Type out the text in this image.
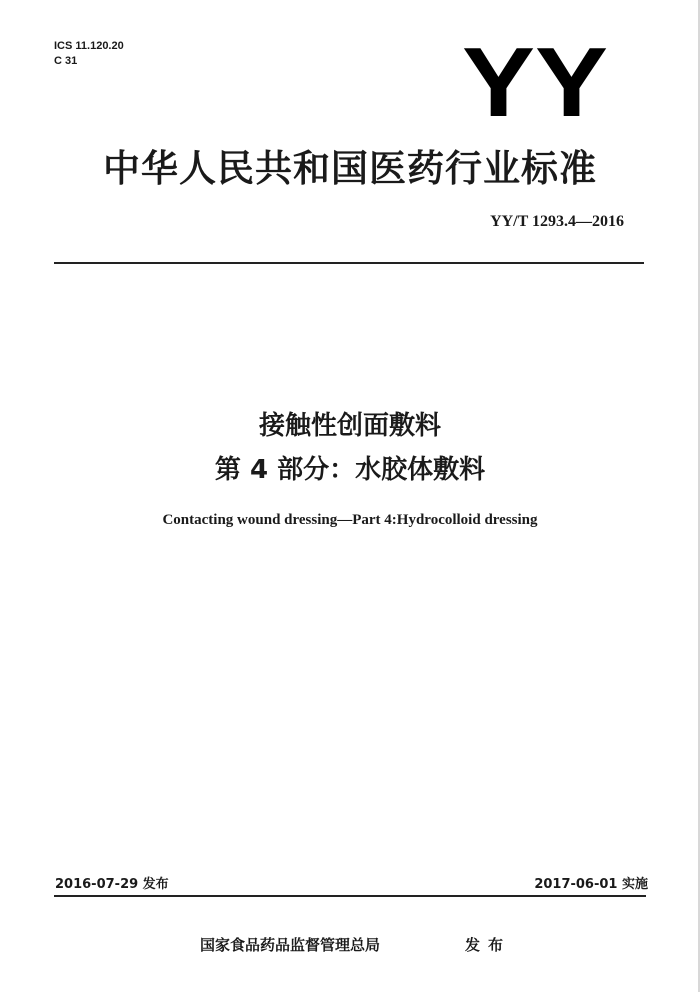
ICS 11.120.20
C 31	YY
中华人民共和国医药行业标准
YY/T 1293.4—2016
接触性创面敷料
第 4 部分：水胶体敷料
Contacting wound dressing—Part 4:Hydrocolloid dressing
2016-07-29 发布	2017-06-01 实施
国家食品药品监督管理总局	发布
